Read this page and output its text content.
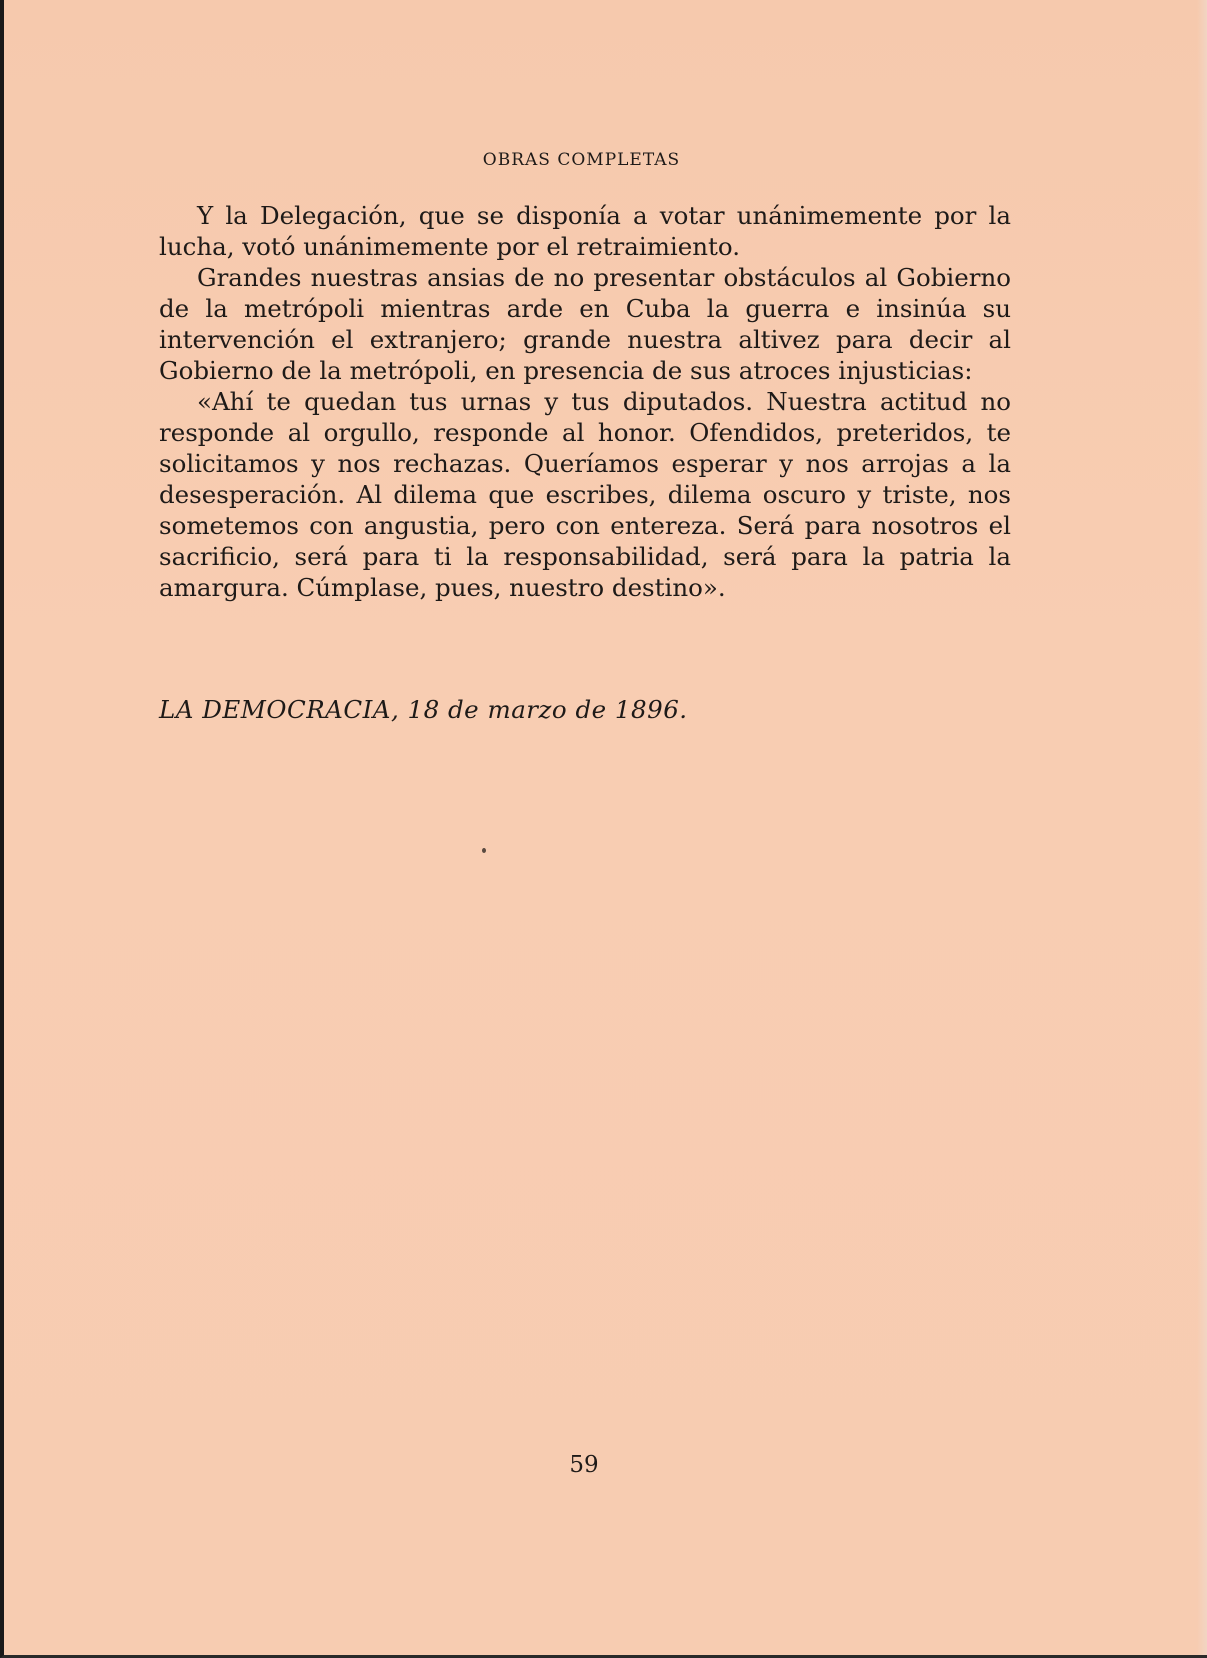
OBRAS COMPLETAS

Y la Delegación, que se disponía a votar unánimemente por la lucha, votó unánimemente por el retraimiento.

Grandes nuestras ansias de no presentar obstáculos al Gobierno de la metrópoli mientras arde en Cuba la guerra e insinúa su intervención el extranjero; grande nuestra altivez para decir al Gobierno de la metrópoli, en presencia de sus atroces injusticias:

«Ahí te quedan tus urnas y tus diputados. Nuestra actitud no responde al orgullo, responde al honor. Ofendidos, preteridos, te solicitamos y nos rechazas. Queríamos esperar y nos arrojas a la desesperación. Al dilema que escribes, dilema oscuro y triste, nos sometemos con angustia, pero con entereza. Será para nosotros el sacrificio, será para ti la responsabilidad, será para la patria la amargura. Cúmplase, pues, nuestro destino».

LA DEMOCRACIA, 18 de marzo de 1896.
59
